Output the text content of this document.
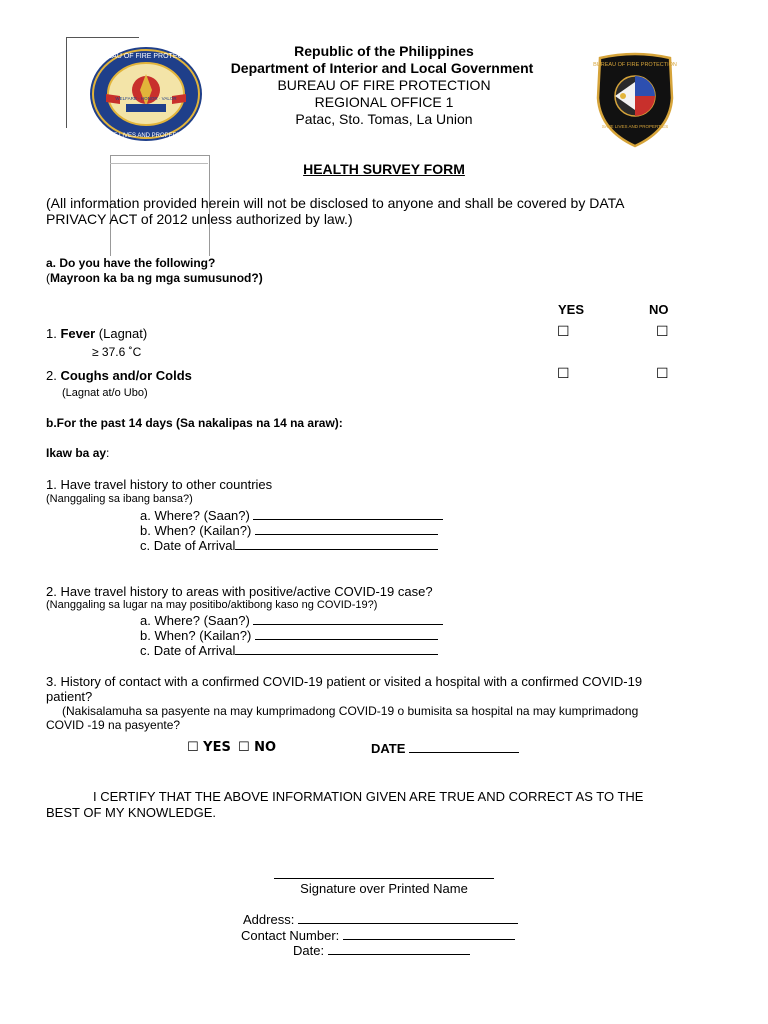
BUREAU OF FIRE PROTECTION
SAVE LIVES AND PROPERTIES
WELFARE · HONOR · VALOR
BUREAU OF FIRE PROTECTION
SAVE LIVES AND PROPERTIES
Republic of the Philippines
Department of Interior and Local Government
BUREAU OF FIRE PROTECTION
REGIONAL OFFICE 1
Patac, Sto. Tomas, La Union
HEALTH SURVEY FORM
(All information provided herein will not be disclosed to anyone and shall be covered by DATA
PRIVACY ACT of 2012 unless authorized by law.)
a. Do you have the following?
(Mayroon ka ba ng mga sumusunod?)
YES	NO
1. Fever (Lagnat)
≥ 37.6 ˚C
☐	☐
2. Coughs and/or Colds
(Lagnat at/o Ubo)
☐	☐
b.For the past 14 days (Sa nakalipas na 14 na araw):
Ikaw ba ay:
1. Have travel history to other countries
(Nanggaling sa ibang bansa?)
a. Where? (Saan?)
b. When? (Kailan?)
c. Date of Arrival
2. Have travel history to areas with positive/active COVID-19 case?
(Nanggaling sa lugar na may positibo/aktibong kaso ng COVID-19?)
a. Where? (Saan?)
b. When? (Kailan?)
c. Date of Arrival
3. History of contact with a confirmed COVID-19 patient or visited a hospital with a confirmed COVID-19
patient?
(Nakisalamuha sa pasyente na may kumprimadong COVID-19 o bumisita sa hospital na may kumprimadong
COVID -19 na pasyente?
☐ YES ☐ NO	DATE
I CERTIFY THAT THE ABOVE INFORMATION GIVEN ARE TRUE AND CORRECT AS TO THE
BEST OF MY KNOWLEDGE.
Signature over Printed Name
Address:
Contact Number:
Date:
